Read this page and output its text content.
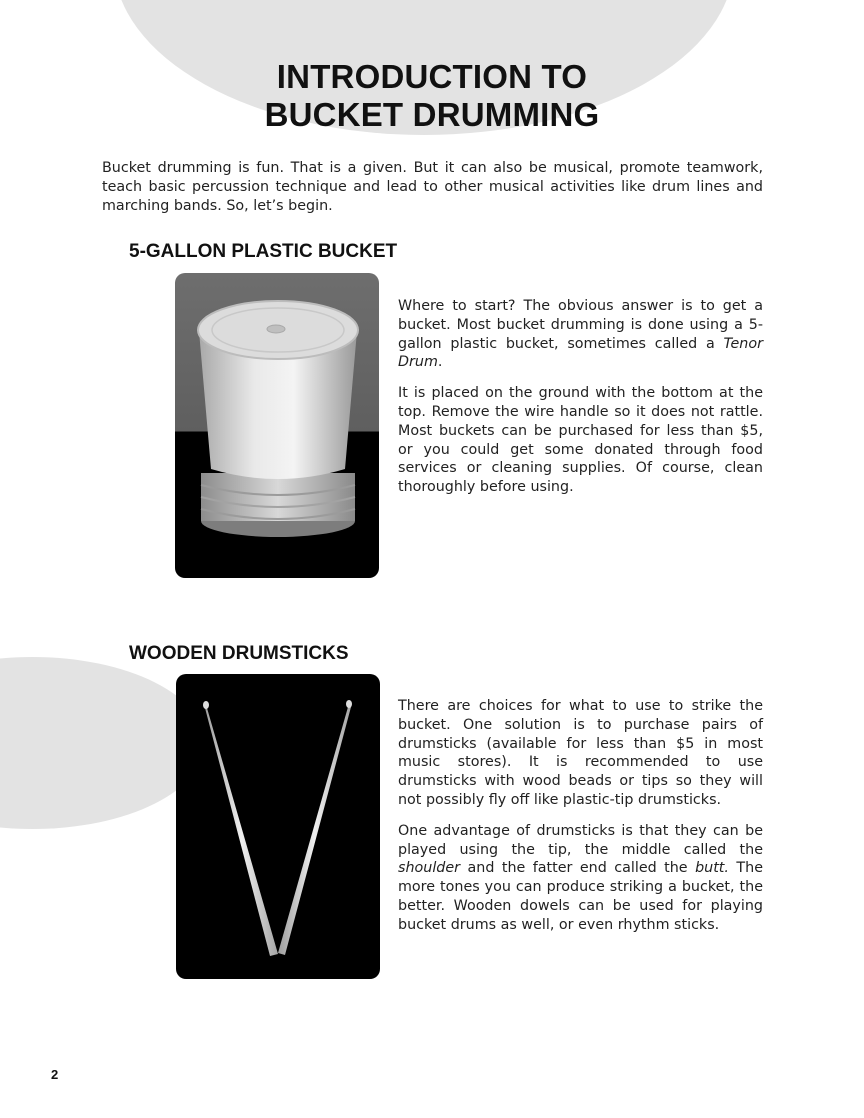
INTRODUCTION TO
BUCKET DRUMMING

Bucket drumming is fun. That is a given. But it can also be musical, promote teamwork, teach basic percussion technique and lead to other musical activities like drum lines and marching bands. So, let’s begin.

5-GALLON PLASTIC BUCKET

Where to start? The obvious answer is to get a bucket. Most bucket drumming is done using a 5-gallon plastic bucket, sometimes called a Tenor Drum.

It is placed on the ground with the bottom at the top. Remove the wire handle so it does not rattle. Most buckets can be purchased for less than $5, or you could get some donated through food services or cleaning supplies. Of course, clean thoroughly before using.

WOODEN DRUMSTICKS

There are choices for what to use to strike the bucket. One solution is to purchase pairs of drumsticks (available for less than $5 in most music stores). It is recommended to use drumsticks with wood beads or tips so they will not possibly fly off like plastic-tip drumsticks.

One advantage of drumsticks is that they can be played using the tip, the middle called the shoulder and the fatter end called the butt. The more tones you can produce striking a bucket, the better. Wooden dowels can be used for playing bucket drums as well, or even rhythm sticks.

2
